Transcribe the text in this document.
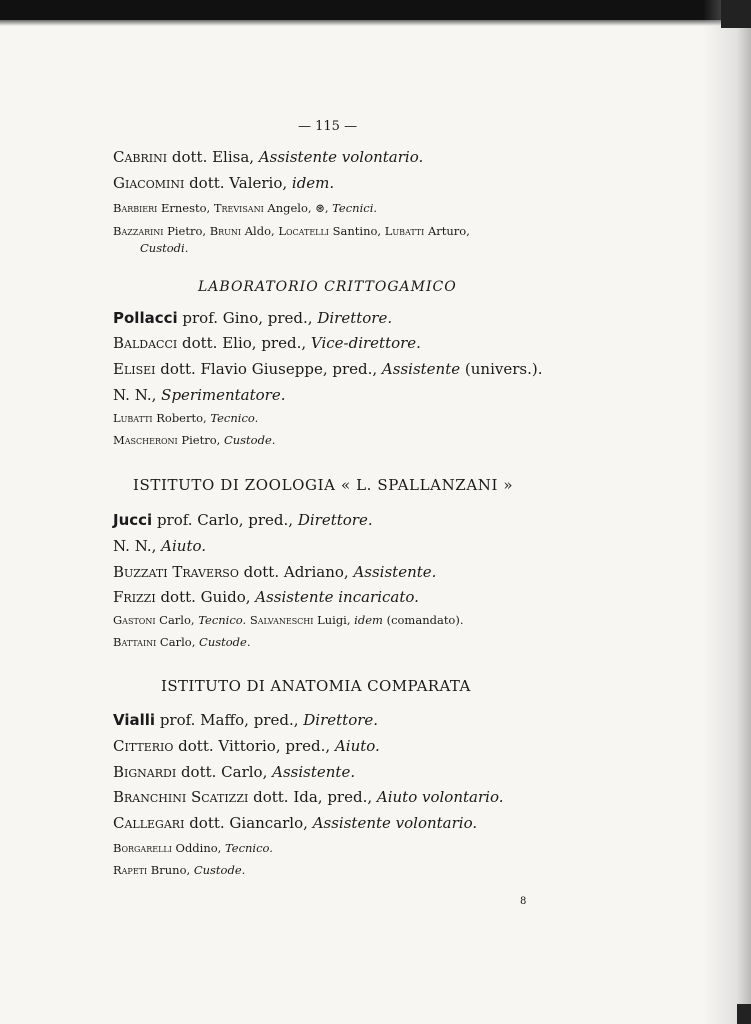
— 115 —
Cabrini dott. Elisa, Assistente volontario.
Giacomini dott. Valerio, idem.
Barbieri Ernesto, Trevisani Angelo, ⊛, Tecnici.
Bazzarini Pietro, Bruni Aldo, Locatelli Santino, Lubatti Arturo,
Custodi.
LABORATORIO CRITTOGAMICO
Pollacci prof. Gino, pred., Direttore.
Baldacci dott. Elio, pred., Vice-direttore.
Elisei dott. Flavio Giuseppe, pred., Assistente (univers.).
N. N., Sperimentatore.
Lubatti Roberto, Tecnico.
Mascheroni Pietro, Custode.
ISTITUTO DI ZOOLOGIA « L. SPALLANZANI »
Jucci prof. Carlo, pred., Direttore.
N. N., Aiuto.
Buzzati Traverso dott. Adriano, Assistente.
Frizzi dott. Guido, Assistente incaricato.
Gastoni Carlo, Tecnico. Salvaneschi Luigi, idem (comandato).
Battaini Carlo, Custode.
ISTITUTO DI ANATOMIA COMPARATA
Vialli prof. Maffo, pred., Direttore.
Citterio dott. Vittorio, pred., Aiuto.
Bignardi dott. Carlo, Assistente.
Branchini Scatizzi dott. Ida, pred., Aiuto volontario.
Callegari dott. Giancarlo, Assistente volontario.
Borgarelli Oddino, Tecnico.
Rapeti Bruno, Custode.
8
